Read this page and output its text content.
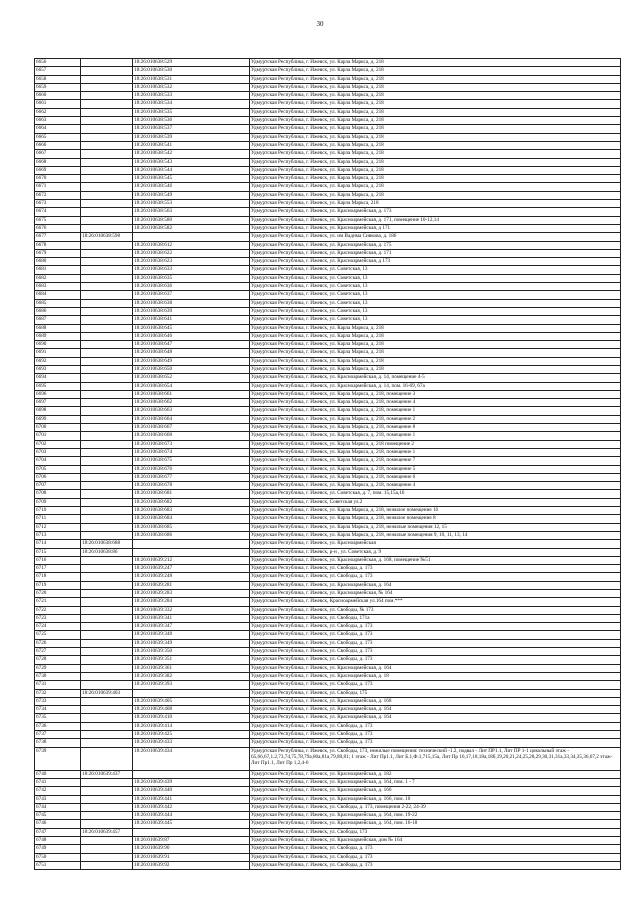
30
6656		18:26:010638:529	Удмуртская Республика, г. Ижевск, ул. Карла Маркса, д. 218
6657		18:26:010638:530	Удмуртская Республика, г. Ижевск, ул. Карла Маркса, д. 218
6658		18:26:010638:531	Удмуртская Республика, г. Ижевск, ул. Карла Маркса, д. 218
6659		18:26:010638:532	Удмуртская Республика, г. Ижевск, ул. Карла Маркса, д. 218
6660		18:26:010638:533	Удмуртская Республика, г. Ижевск, ул. Карла Маркса, д. 218
6661		18:26:010638:534	Удмуртская Республика, г. Ижевск, ул. Карла Маркса, д. 218
6662		18:26:010638:535	Удмуртская Республика, г. Ижевск, ул. Карла Маркса, д. 218
6663		18:26:010638:536	Удмуртская Республика, г. Ижевск, ул. Карла Маркса, д. 218
6664		18:26:010638:537	Удмуртская Республика, г. Ижевск, ул. Карла Маркса, д. 218
6665		18:26:010638:539	Удмуртская Республика, г. Ижевск, ул. Карла Маркса, д. 218
6666		18:26:010638:541	Удмуртская Республика, г. Ижевск, ул. Карла Маркса, д. 218
6667		18:26:010638:542	Удмуртская Республика, г. Ижевск, ул. Карла Маркса, д. 218
6668		18:26:010638:543	Удмуртская Республика, г. Ижевск, ул. Карла Маркса, д. 218
6669		18:26:010638:544	Удмуртская Республика, г. Ижевск, ул. Карла Маркса, д. 218
6670		18:26:010638:545	Удмуртская Республика, г. Ижевск, ул. Карла Маркса, д. 218
6671		18:26:010638:546	Удмуртская Республика, г. Ижевск, ул. Карла Маркса, д. 218
6672		18:26:010638:549	Удмуртская Республика, г. Ижевск, ул. Карла Маркса, д. 218
6673		18:26:010638:553	Удмуртская Республика, г. Ижевск, ул. Карла Маркса, 218
6674		18:26:010638:563	Удмуртская Республика, г. Ижевск, ул. Красноармейская, д. 173
6675		18:26:010638:580	Удмуртская Республика, г. Ижевск, ул. Красноармейская, д. 171, помещение 10-12,14
6676		18:26:010638:582	Удмуртская Республика, г. Ижевск, ул. Красноармейская, д 171
6677	18:26:010638:598		Удмуртская Республика, г. Ижевск, ул. им Вадима Сивкова, д. 186
6678		18:26:010638:612	Удмуртская Республика, г. Ижевск, ул. Красноармейская, д. 175
6679		18:26:010638:622	Удмуртская Республика, г. Ижевск, ул. Красноармейская, д. 171
6680		18:26:010638:623	Удмуртская Республика, г. Ижевск, ул. Красноармейская, д 173
6681		18:26:010638:633	Удмуртская Республика, г. Ижевск, ул. Советская, 13
6682		18:26:010638:635	Удмуртская Республика, г. Ижевск, ул. Советская, 13
6683		18:26:010638:636	Удмуртская Республика, г. Ижевск, ул. Советская, 13
6684		18:26:010638:637	Удмуртская Республика, г. Ижевск, ул. Советская, 13
6685		18:26:010638:638	Удмуртская Республика, г. Ижевск, ул. Советская, 13
6686		18:26:010638:639	Удмуртская Республика, г. Ижевск, ул. Советская, 13
6687		18:26:010638:641	Удмуртская Республика, г. Ижевск, ул. Советская, 13
6688		18:26:010638:645	Удмуртская Республика, г. Ижевск, ул. Карла Маркса, д. 218
6689		18:26:010638:646	Удмуртская Республика, г. Ижевск, ул. Карла Маркса, д. 218
6690		18:26:010638:647	Удмуртская Республика, г. Ижевск, ул. Карла Маркса, д. 218
6691		18:26:010638:648	Удмуртская Республика, г. Ижевск, ул. Карла Маркса, д. 218
6692		18:26:010638:649	Удмуртская Республика, г. Ижевск, ул. Карла Маркса, д. 218
6693		18:26:010638:650	Удмуртская Республика, г. Ижевск, ул. Карла Маркса, д. 218
6694		18:26:010638:652	Удмуртская Республика, г. Ижевск, ул. Красноармейская, д. 14, помещение 4-5
6695		18:26:010638:654	Удмуртская Республика, г. Ижевск, ул. Красноармейская, д. 14, пом. 16-69, 67а
6696		18:26:010638:661	Удмуртская Республика, г. Ижевск, ул. Карла Маркса, д. 218, помещение 3
6697		18:26:010638:662	Удмуртская Республика, г. Ижевск, ул. Карла Маркса, д. 218, помещение 4
6698		18:26:010638:663	Удмуртская Республика, г. Ижевск, ул. Карла Маркса, д. 218, помещение 1
6699		18:26:010638:664	Удмуртская Республика, г. Ижевск, ул. Карла Маркса, д. 218, помещение 2
6700		18:26:010638:667	Удмуртская Республика, г. Ижевск, ул. Карла Маркса, д. 218, помещение 8
6701		18:26:010638:668	Удмуртская Республика, г. Ижевск, ул. Карла Маркса, д. 218, помещение 1
6702		18:26:010638:673	Удмуртская Республика, г. Ижевск, ул. Карла Маркса, д. 218 помещение 2
6703		18:26:010638:674	Удмуртская Республика, г. Ижевск, ул. Карла Маркса, д. 218, помещение 1
6704		18:26:010638:675	Удмуртская Республика, г. Ижевск, ул. Карла Маркса, д. 218, помещение 7
6705		18:26:010638:676	Удмуртская Республика, г. Ижевск, ул. Карла Маркса, д. 218, помещение 5
6706		18:26:010638:677	Удмуртская Республика, г. Ижевск, ул. Карла Маркса, д. 218, помещение 6
6707		18:26:010638:678	Удмуртская Республика, г. Ижевск, ул. Карла Маркса, д. 218, помещение 4
6708		18:26:010638:681	Удмуртская Республика, г. Ижевск, ул. Советская, д. 7, пом. 15,15а,16
6709		18:26:010638:682	Удмуртская Республика, г. Ижевск, Советская ул.2
6710		18:26:010638:683	Удмуртская Республика, г. Ижевск, ул. Карла Маркса, д. 218, нежилое помещение 16
6711		18:26:010638:684	Удмуртская Республика, г. Ижевск, ул. Карла Маркса, д. 218, нежилое помещение 8
6712		18:26:010638:685	Удмуртская Республика, г. Ижевск, ул. Карла Маркса, д. 218, нежилые помещения 12, 15
6713		18:26:010638:686	Удмуртская Республика, г. Ижевск, ул. Карла Маркса, д. 218, нежилые помещения 9, 10, 11, 13, 14
6714	18:26:010638:688		Удмуртская Республика, г. Ижевск, ул. Красноармейская
6715	18:26:010638:86		Удмуртская Республика, г. Ижевск, р-н , ул. Советская, д. 9
6716		18:26:010639:212	Удмуртская Республика, г. Ижевск, ул. Красноармейская, д. 168, помещение №51
6717		18:26:010639:247	Удмуртская Республика, г. Ижевск, ул. Свободы, д. 173
6718		18:26:010639:248	Удмуртская Республика, г. Ижевск, ул. Свободы, д. 173
6719		18:26:010639:281	Удмуртская Республика, г. Ижевск, ул. Красноармейская, д. 164
6720		18:26:010639:283	Удмуртская Республика, г. Ижевск, ул. Красноармейская, № 164
6721		18:26:010639:284	Удмуртская Республика, г. Ижевск, Красноармейская ул.164 пом.***
6722		18:26:010639:332	Удмуртская Республика, г. Ижевск, ул. Свободы, № 173
6723		18:26:010639:341	Удмуртская Республика, г. Ижевск, ул. Свободы, 171а
6724		18:26:010639:347	Удмуртская Республика, г. Ижевск, ул. Свободы, д. 173
6725		18:26:010639:348	Удмуртская Республика, г. Ижевск, ул. Свободы, д. 173
6726		18:26:010639:349	Удмуртская Республика, г. Ижевск, ул. Свободы, д. 173
6727		18:26:010639:350	Удмуртская Республика, г. Ижевск, ул. Свободы, д. 173
6728		18:26:010639:351	Удмуртская Республика, г. Ижевск, ул. Свободы, д. 173
6729		18:26:010639:361	Удмуртская Республика, г. Ижевск, ул. Красноармейская, д. 164
6730		18:26:010639:382	Удмуртская Республика, г. Ижевск, ул. Красноармейская, д. 18
6731		18:26:010639:393	Удмуртская Республика, г. Ижевск, ул. Свободы, д. 173
6732	18:26:010639:403		Удмуртская Республика, г. Ижевск, ул. Свободы, 175
6733		18:26:010639:405	Удмуртская Республика, г. Ижевск, ул. Красноармейская, д. 168
6734		18:26:010639:408	Удмуртская Республика, г. Ижевск, ул. Красноармейская, д. 164
6735		18:26:010639:410	Удмуртская Республика, г. Ижевск, ул. Красноармейская, д. 164
6736		18:26:010639:414	Удмуртская Республика, г. Ижевск, ул. Свободы, д. 173
6737		18:26:010639:425	Удмуртская Республика, г. Ижевск, ул. Свободы, д. 173
6738		18:26:010639:433	Удмуртская Республика, г. Ижевск, ул. Свободы, д. 173
6739		18:26:010639:434	Удмуртская Республика, г. Ижевск, ул. Свободы, 173, нежилые помещения: технический -1.2, подвал - Лит ПР1.1, Лит ПР 1-1 цокольный этаж - 65,66,67,1.2,73,74,75,78,79а,80а,81а,79,80,81; 1 этаж - Лит Пр1.1, Лит Б.1,Ф.1,715,15а, Лит Пр 16,17,18,18а,18б,19,20,21,24,25,28,29,30,31,31а,33,34,35,36,67,2 этаж-Лит Пр1.1, Лит Пр 1,2,4-6
6740	18:26:010639:437		Удмуртская Республика, г. Ижевск, ул. Красноармейская, д. 182
6741		18:26:010639:439	Удмуртская Республика, г. Ижевск, ул. Красноармейская, д. 164, пом. 1 - 7
6742		18:26:010639:440	Удмуртская Республика, г. Ижевск, ул. Красноармейская, д. 166
6743		18:26:010639:441	Удмуртская Республика, г. Ижевск, ул. Красноармейская, д. 166, пом. 10
6744		18:26:010639:442	Удмуртская Республика, г. Ижевск, ул. Свободы, д. 173, помещения 2-22, 24-39
6745		18:26:010639:444	Удмуртская Республика, г. Ижевск, ул. Красноармейская, д. 164, пом. 19-22
6746		18:26:010639:445	Удмуртская Республика, г. Ижевск, ул. Красноармейская, д. 164, пом. 16-18
6747	18:26:010639:457		Удмуртская Республика, г. Ижевск, ул. Свободы, 173
6748		18:26:010639:87	Удмуртская Республика, г. Ижевск, ул. Красноармейская, дом № 164
6749		18:26:010639:90	Удмуртская Республика, г. Ижевск, ул. Свободы, д. 173
6750		18:26:010639:91	Удмуртская Республика, г. Ижевск, ул. Свободы, д. 173
6751		18:26:010639:92	Удмуртская Республика, г. Ижевск, ул. Свободы, д. 173
